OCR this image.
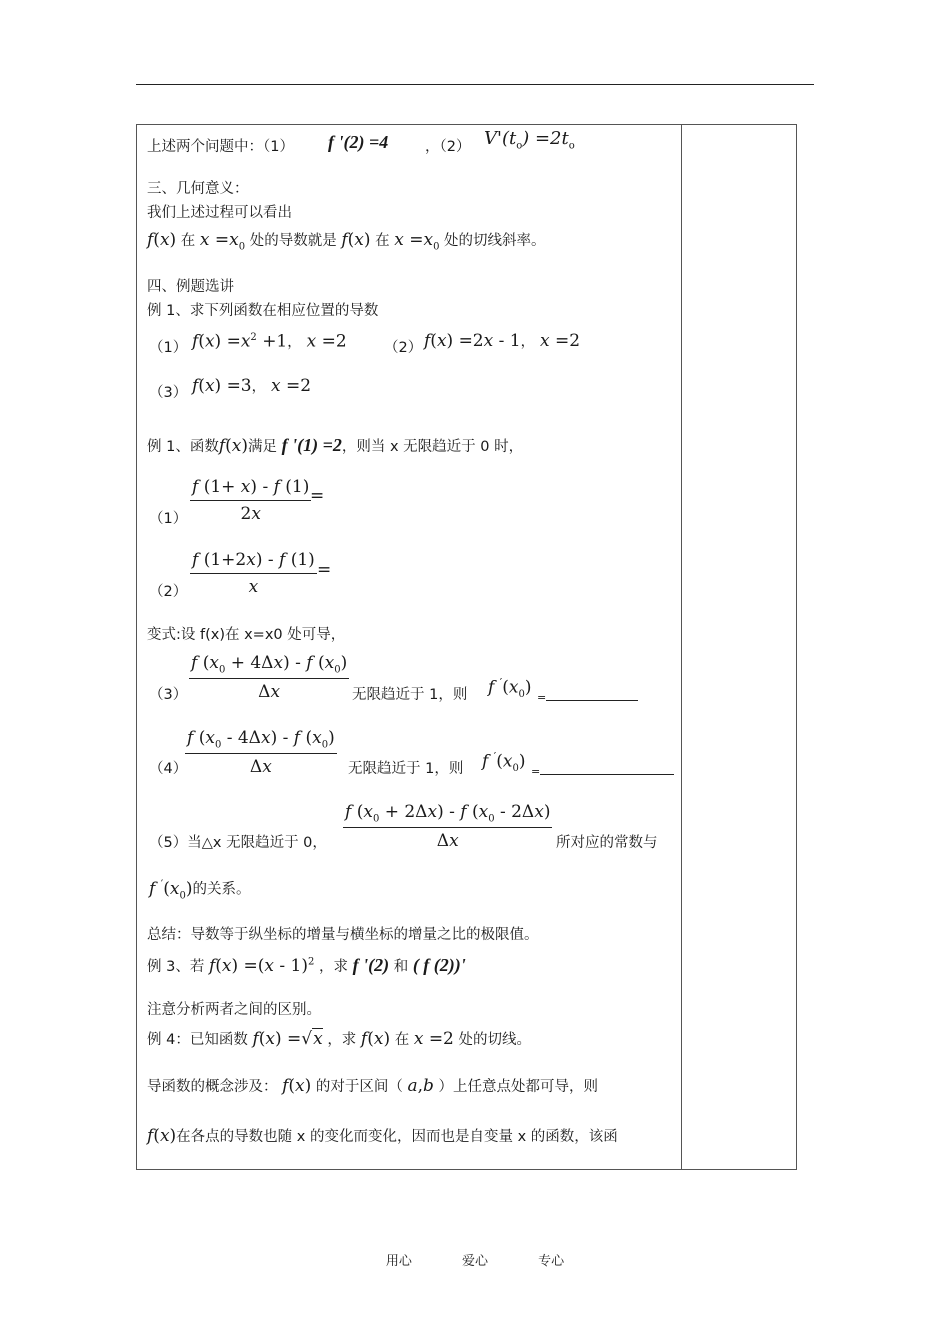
上述两个问题中：（1） f '(2) =4	，（2） $V'(t_o) =2t_o$
三、几何意义：
我们上述过程可以看出
f(x) 在 $x =x_0$ 处的导数就是 f(x) 在 $x =x_0$ 处的切线斜率。
四、例题选讲
例 1、求下列函数在相应位置的导数
（1） $f(x) =x^2 +1$， x =2	（2） f(x) =2x - 1， x =2
（3） f(x) =3， x =2
例 1、函数f(x)满足 f '(1) =2，则当 x 无限趋近于 0 时，
$(1) \frac{f (1+ x) - f (1)}{2x}$
=
$(2) \frac{f (1+2x) - f (1)}{x}$ =
变式:设 f(x)在 x=x0 处可导，
$(3) \frac{f (x_0 + 4\Delta x) - f (x_0)}{\Delta x}$ 无限趋近于 1，则 f $'(x_0)$ =
（4）
$\frac{f (x_0 - 4\Delta x) - f (x_0)}{\Delta x}$ 无限趋近于 1，则 f $'(x_0)$ =
（5）当△x 无限趋近于 0， $\frac{f (x_0 + 2\Delta x) - f (x_0 - 2\Delta x)}{\Delta x}$ 所对应的常数与
f $'(x_0)$的关系。
总结：导数等于纵坐标的增量与横坐标的增量之比的极限值。
例 3、若 f(x) =(x - 1)$^2$ ，求 f '(2) 和 ( f (2))'
注意分析两者之间的区别。
例 4：已知函数 f(x) =√x ，求 f(x) 在 x =2 处的切线。
导函数的概念涉及： f(x) 的对于区间（ a,b ）上任意点处都可导，则
f(x)在各点的导数也随 x 的变化而变化，因而也是自变量 x 的函数，该函
用心	爱心	专心
